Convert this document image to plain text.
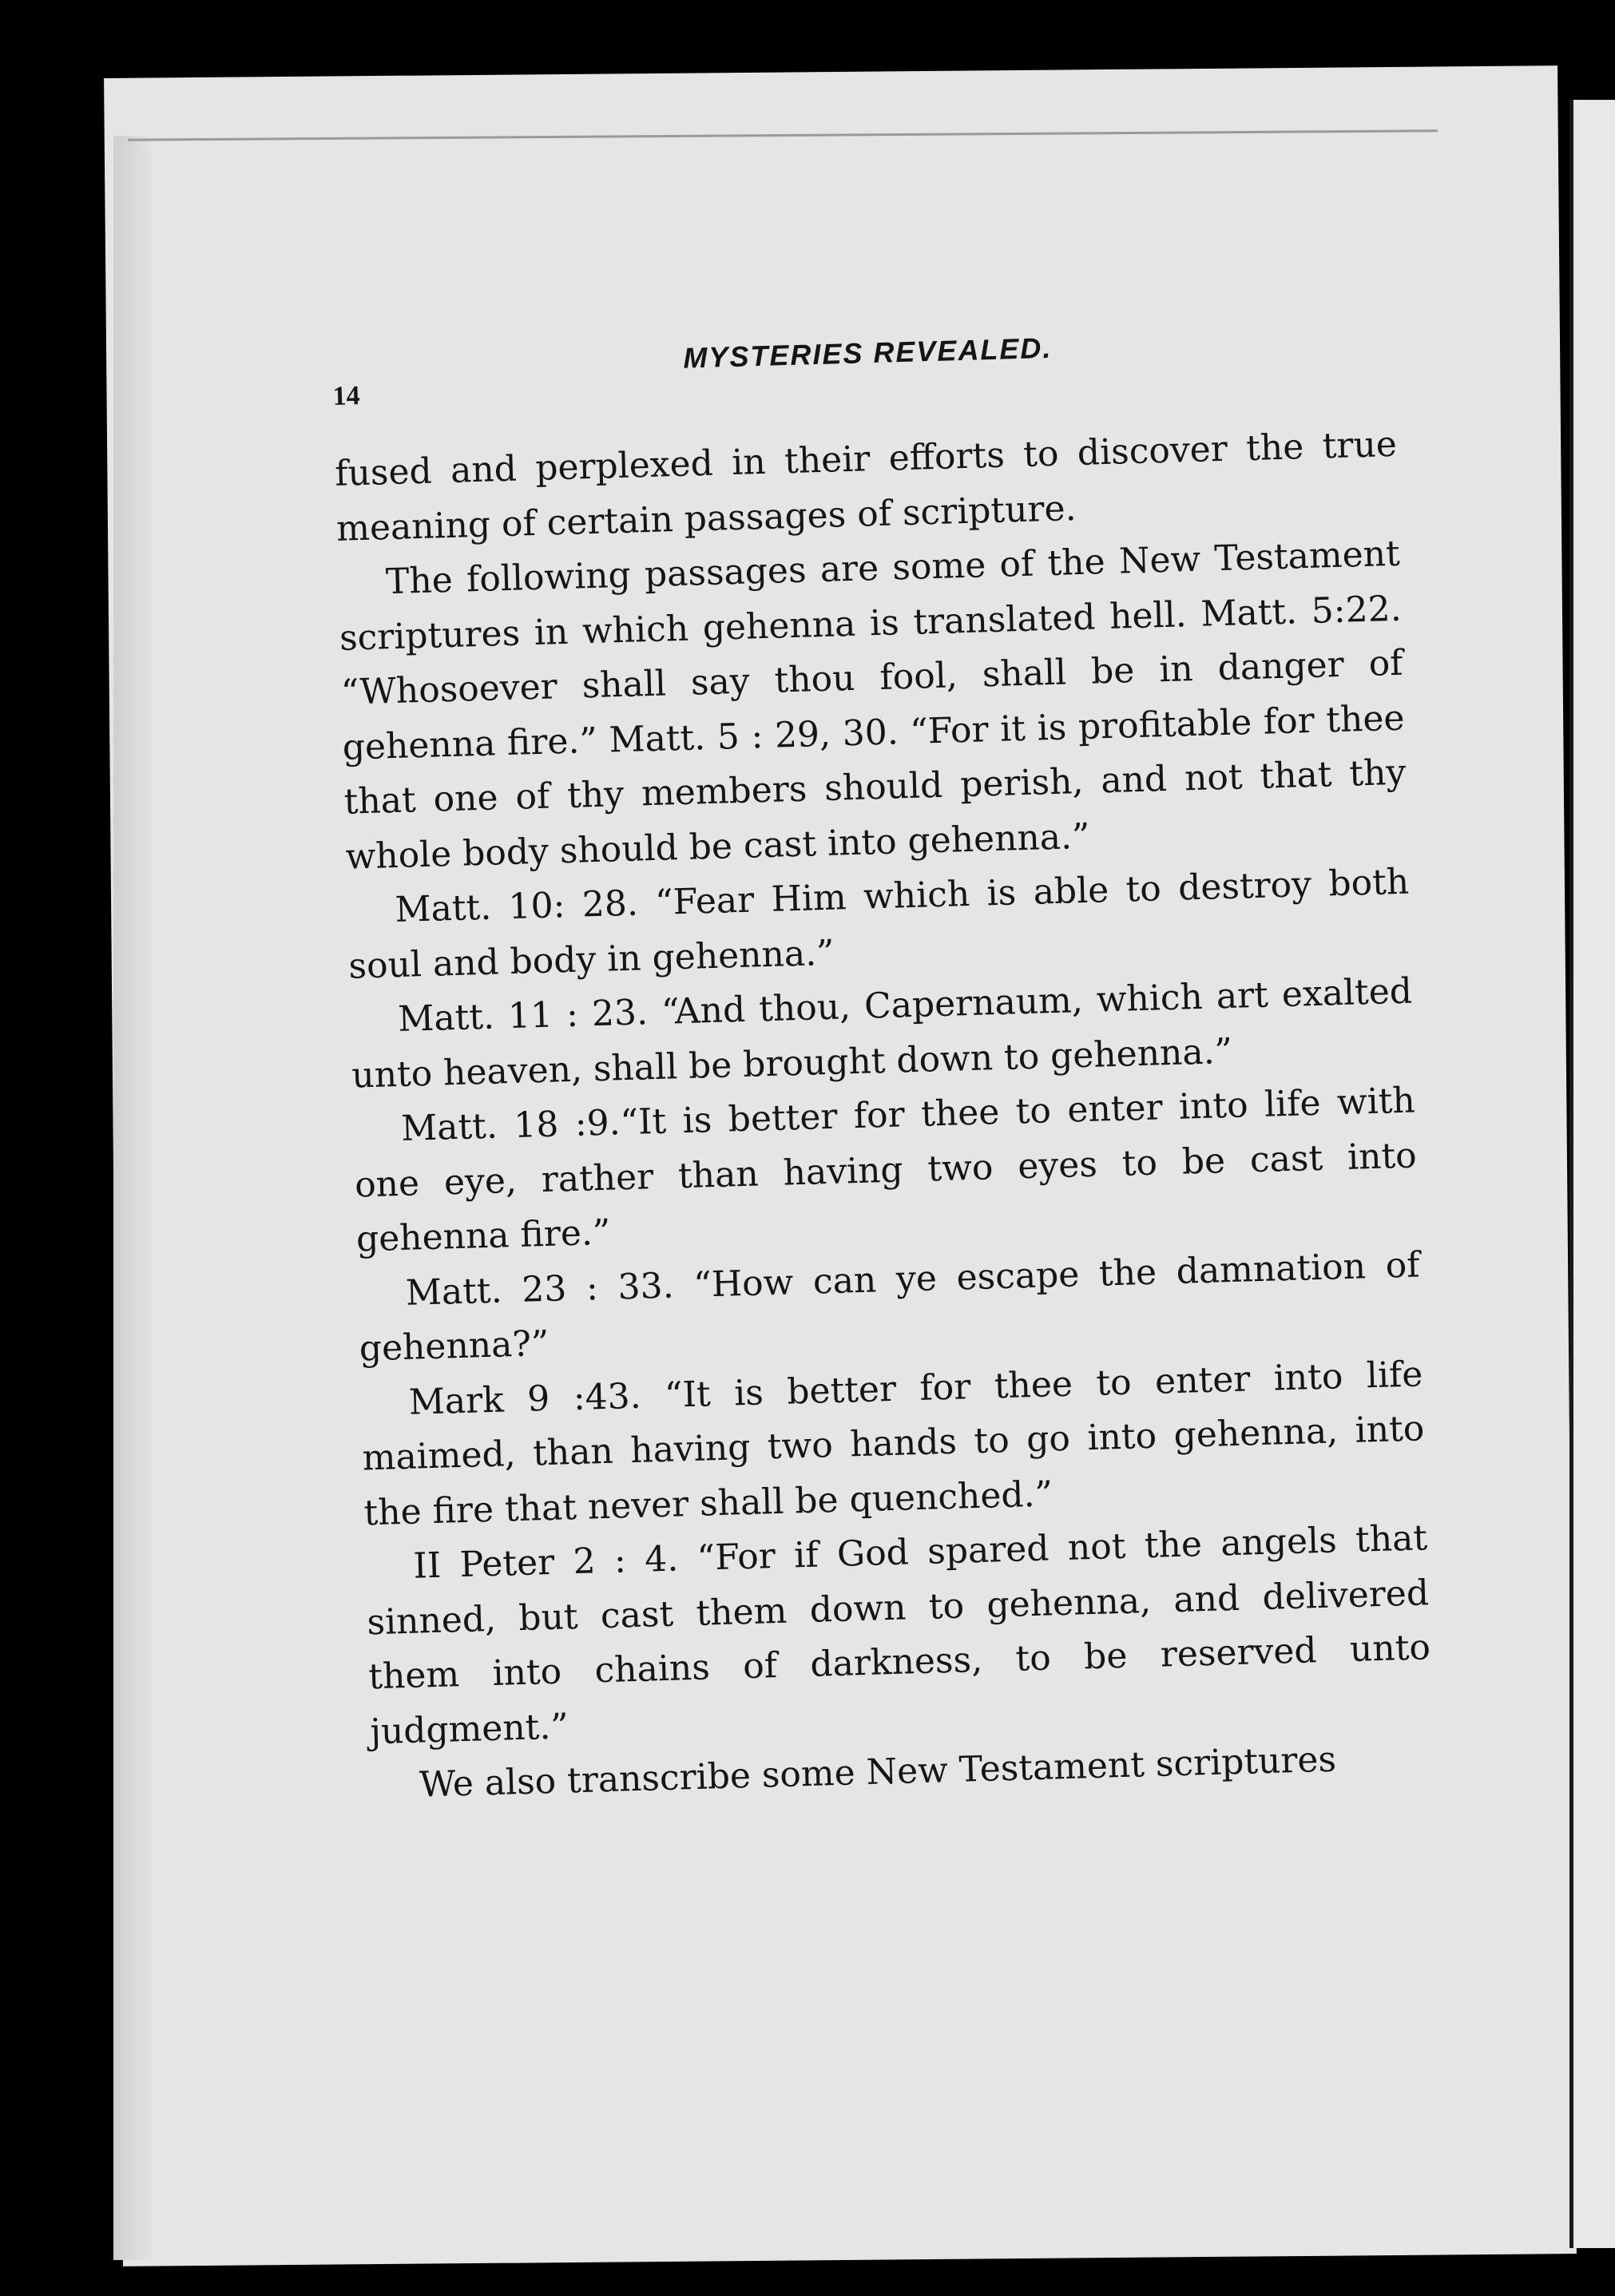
14
MYSTERIES REVEALED.

fused and perplexed in their efforts to discover the true meaning of certain passages of scripture.

The following passages are some of the New Testament scriptures in which gehenna is translated hell. Matt. 5:22. “Whosoever shall say thou fool, shall be in danger of gehenna fire.” Matt. 5 : 29, 30. “For it is profitable for thee that one of thy members should perish, and not that thy whole body should be cast into gehenna.”

Matt. 10: 28. “Fear Him which is able to destroy both soul and body in gehenna.”

Matt. 11 : 23. “And thou, Capernaum, which art exalted unto heaven, shall be brought down to gehenna.”

Matt. 18 :9.“It is better for thee to enter into life with one eye, rather than having two eyes to be cast into gehenna fire.”

Matt. 23 : 33. “How can ye escape the damnation of gehenna?”

Mark 9 :43. “It is better for thee to enter into life maimed, than having two hands to go into gehenna, into the fire that never shall be quenched.”

II Peter 2 : 4. “For if God spared not the angels that sinned, but cast them down to gehenna, and delivered them into chains of darkness, to be reserved unto judgment.”

We also transcribe some New Testament scriptures
